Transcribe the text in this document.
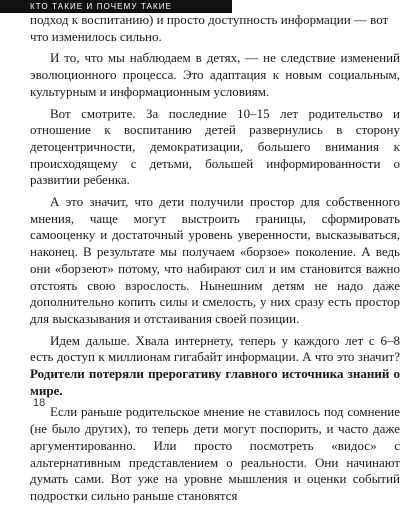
КТО ТАКИЕ И ПОЧЕМУ ТАКИЕ

подход к воспитанию) и просто доступность информации — вот что изменилось сильно.

И то, что мы наблюдаем в детях, — не следствие изменений эволюционного процесса. Это адаптация к новым социальным, культурным и информационным условиям.

Вот смотрите. За последние 10–15 лет родительство и отношение к воспитанию детей развернулись в сторону детоцентричности, демократизации, большего внимания к происходящему с детьми, большей информированности о развитии ребенка.

А это значит, что дети получили простор для собственного мнения, чаще могут выстроить границы, сформировать самооценку и достаточный уровень уверенности, высказываться, наконец. В результате мы получаем «борзое» поколение. А ведь они «борзеют» потому, что набирают сил и им становится важно отстоять свою взрослость. Нынешним детям не надо даже дополнительно копить силы и смелость, у них сразу есть простор для высказывания и отстаивания своей позиции.

Идем дальше. Хвала интернету, теперь у каждого лет с 6–8 есть доступ к миллионам гигабайт информации. А что это значит? Родители потеряли прерогативу главного источника знаний о мире.

Если раньше родительское мнение не ставилось под сомнение (не было других), то теперь дети могут поспорить, и часто даже аргументированно. Или просто посмотреть «видос» с альтернативным представлением о реальности. Они начинают думать сами. Вот уже на уровне мышления и оценки событий подростки сильно раньше становятся

18
